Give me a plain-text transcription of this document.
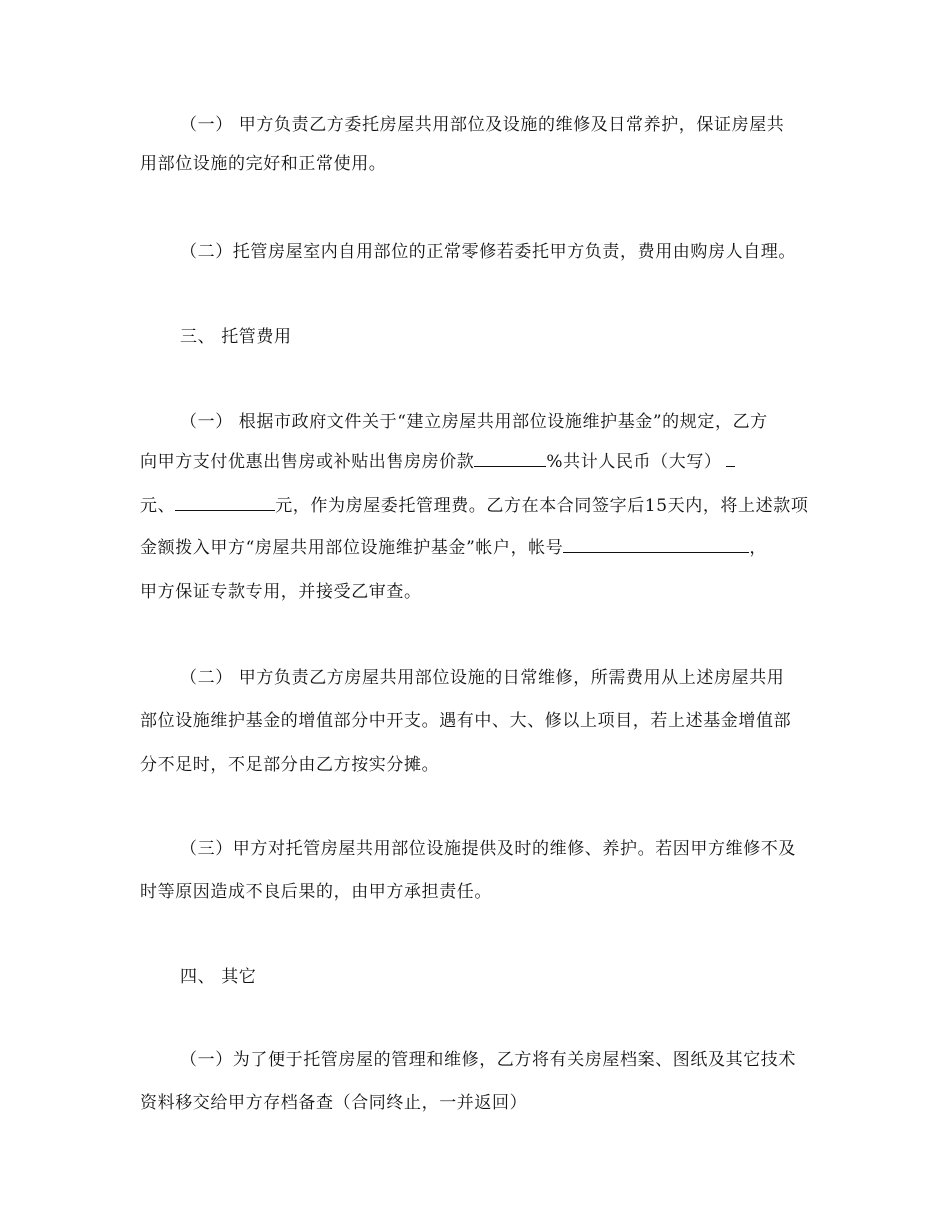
（一） 甲方负责乙方委托房屋共用部位及设施的维修及日常养护，保证房屋共
用部位设施的完好和正常使用。
（二）托管房屋室内自用部位的正常零修若委托甲方负责，费用由购房人自理。
三、 托管费用
（一） 根据市政府文件关于“建立房屋共用部位设施维护基金”的规定，乙方
向甲方支付优惠出售房或补贴出售房房价款	%共计人民币（大写）
元、	元，作为房屋委托管理费。乙方在本合同签字后15天内，将上述款项
金额拨入甲方“房屋共用部位设施维护基金”帐户，帐号	，
甲方保证专款专用，并接受乙审查。
（二） 甲方负责乙方房屋共用部位设施的日常维修，所需费用从上述房屋共用
部位设施维护基金的增值部分中开支。遇有中、大、修以上项目，若上述基金增值部
分不足时，不足部分由乙方按实分摊。
（三）甲方对托管房屋共用部位设施提供及时的维修、养护。若因甲方维修不及
时等原因造成不良后果的，由甲方承担责任。
四、 其它
（一）为了便于托管房屋的管理和维修，乙方将有关房屋档案、图纸及其它技术
资料移交给甲方存档备查（合同终止，一并返回）
